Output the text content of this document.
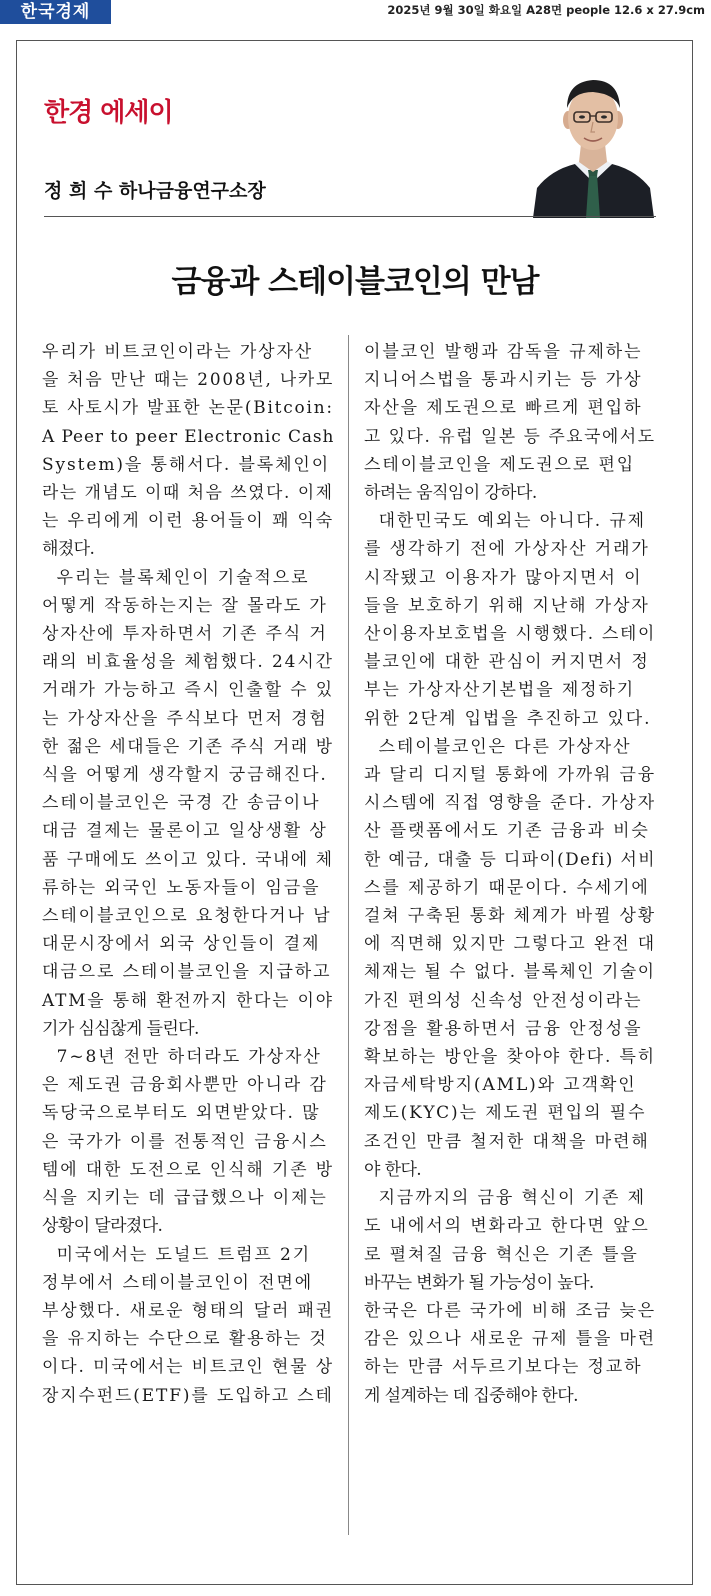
한국경제	2025년 9월 30일 화요일 A28면 people 12.6 x 27.9cm
한경 에세이

정 희 수 하나금융연구소장

금융과 스테이블코인의 만남
우리가 비트코인이라는 가상자산
을 처음 만난 때는 2008년, 나카모
토 사토시가 발표한 논문(Bitcoin:
A Peer to peer Electronic Cash
System)을 통해서다. 블록체인이
라는 개념도 이때 처음 쓰였다. 이제
는 우리에게 이런 용어들이 꽤 익숙
해졌다.
우리는 블록체인이 기술적으로
어떻게 작동하는지는 잘 몰라도 가
상자산에 투자하면서 기존 주식 거
래의 비효율성을 체험했다. 24시간
거래가 가능하고 즉시 인출할 수 있
는 가상자산을 주식보다 먼저 경험
한 젊은 세대들은 기존 주식 거래 방
식을 어떻게 생각할지 궁금해진다.
스테이블코인은 국경 간 송금이나
대금 결제는 물론이고 일상생활 상
품 구매에도 쓰이고 있다. 국내에 체
류하는 외국인 노동자들이 임금을
스테이블코인으로 요청한다거나 남
대문시장에서 외국 상인들이 결제
대금으로 스테이블코인을 지급하고
ATM을 통해 환전까지 한다는 이야
기가 심심찮게 들린다.
7~8년 전만 하더라도 가상자산
은 제도권 금융회사뿐만 아니라 감
독당국으로부터도 외면받았다. 많
은 국가가 이를 전통적인 금융시스
템에 대한 도전으로 인식해 기존 방
식을 지키는 데 급급했으나 이제는
상황이 달라졌다.
미국에서는 도널드 트럼프 2기
정부에서 스테이블코인이 전면에
부상했다. 새로운 형태의 달러 패권
을 유지하는 수단으로 활용하는 것
이다. 미국에서는 비트코인 현물 상
장지수펀드(ETF)를 도입하고 스테
이블코인 발행과 감독을 규제하는
지니어스법을 통과시키는 등 가상
자산을 제도권으로 빠르게 편입하
고 있다. 유럽 일본 등 주요국에서도
스테이블코인을 제도권으로 편입
하려는 움직임이 강하다.
대한민국도 예외는 아니다. 규제
를 생각하기 전에 가상자산 거래가
시작됐고 이용자가 많아지면서 이
들을 보호하기 위해 지난해 가상자
산이용자보호법을 시행했다. 스테이
블코인에 대한 관심이 커지면서 정
부는 가상자산기본법을 제정하기
위한 2단계 입법을 추진하고 있다.
스테이블코인은 다른 가상자산
과 달리 디지털 통화에 가까워 금융
시스템에 직접 영향을 준다. 가상자
산 플랫폼에서도 기존 금융과 비슷
한 예금, 대출 등 디파이(Defi) 서비
스를 제공하기 때문이다. 수세기에
걸쳐 구축된 통화 체계가 바뀔 상황
에 직면해 있지만 그렇다고 완전 대
체재는 될 수 없다. 블록체인 기술이
가진 편의성 신속성 안전성이라는
강점을 활용하면서 금융 안정성을
확보하는 방안을 찾아야 한다. 특히
자금세탁방지(AML)와 고객확인
제도(KYC)는 제도권 편입의 필수
조건인 만큼 철저한 대책을 마련해
야 한다.
지금까지의 금융 혁신이 기존 제
도 내에서의 변화라고 한다면 앞으
로 펼쳐질 금융 혁신은 기존 틀을
바꾸는 변화가 될 가능성이 높다.
한국은 다른 국가에 비해 조금 늦은
감은 있으나 새로운 규제 틀을 마련
하는 만큼 서두르기보다는 정교하
게 설계하는 데 집중해야 한다.
